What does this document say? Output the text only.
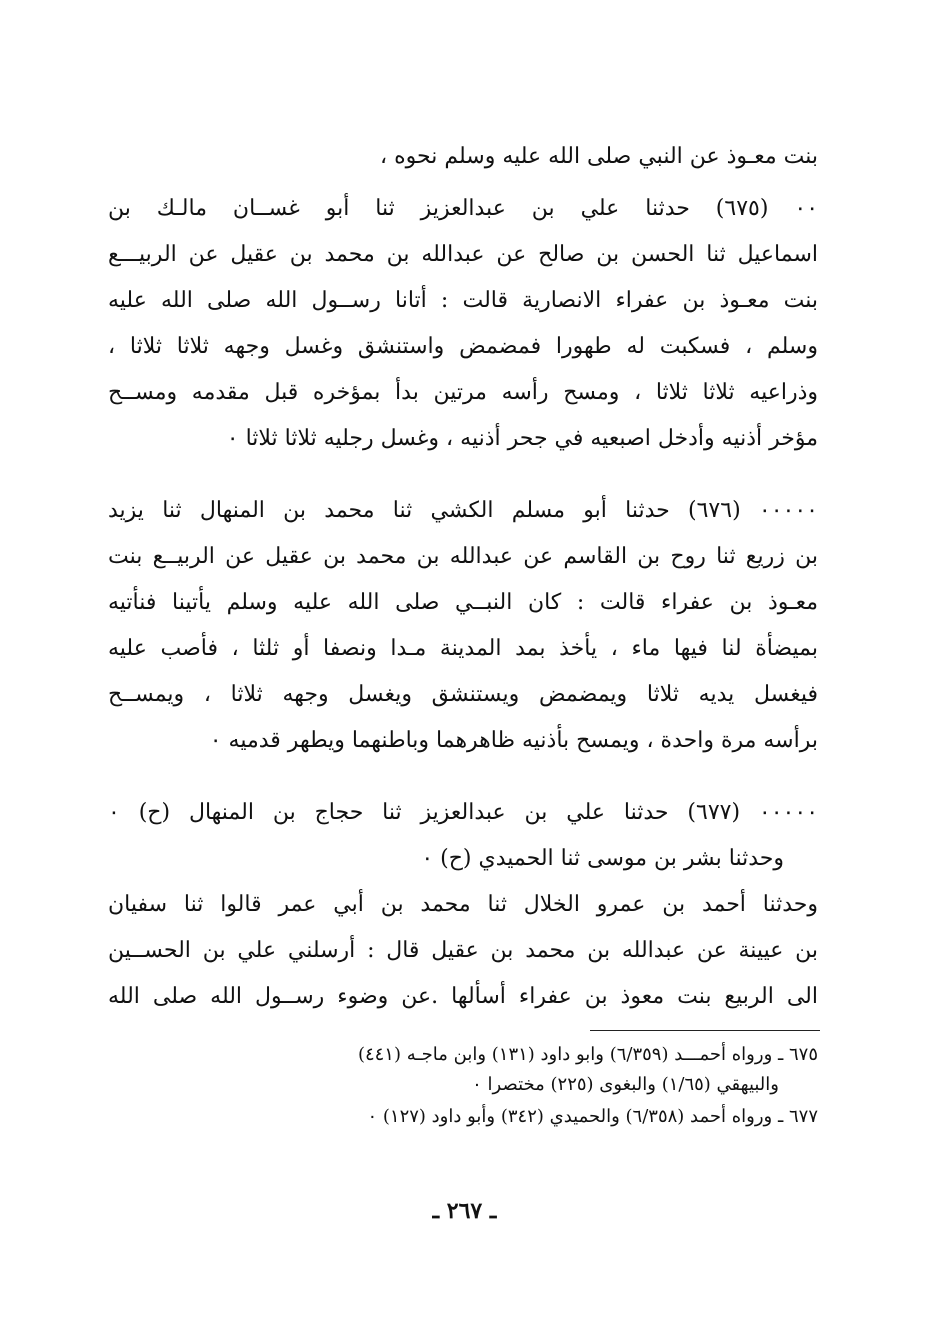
بنت معـوذ عن النبي صلى الله عليه وسلم نحوه ،
٠٠ (٦٧٥) حدثنا علي بن عبدالعزيز ثنا أبو غســان مالـك بن
اسماعيل ثنا الحسن بن صالح عن عبدالله بن محمد بن عقيل عن الربيـــع
بنت معـوذ بن عفراء الانصارية قالت : أتانا رســول الله صلى الله عليه
وسلم ، فسكبت له طهورا فمضمض واستنشق وغسل وجهه ثلاثا ثلاثا ،
وذراعيه ثلاثا ثلاثا ، ومسح رأسه مرتين بدأ بمؤخره قبل مقدمه ومســح
مؤخر أذنيه وأدخل اصبعيه في جحر أذنيه ، وغسل رجليه ثلاثا ثلاثا ٠
٠٠٠٠٠ (٦٧٦) حدثنا أبو مسلم الكشي ثنا محمد بن المنهال ثنا يزيد
بن زريع ثنا روح بن القاسم عن عبدالله بن محمد بن عقيل عن الربيــع بنت
معـوذ بن عفراء قالت : كان النبــي صلى الله عليه وسلم يأتينا فنأتيه
بميضأة لنا فيها ماء ، يأخذ بمد المدينة مـدا ونصفا أو ثلثا ، فأصب عليه
فيغسل يديه ثلاثا ويمضمض ويستنشق ويغسل وجهه ثلاثا ، ويمســح
برأسه مرة واحدة ، ويمسح بأذنيه ظاهرهما وباطنهما ويطهر قدميه ٠
٠٠٠٠٠ (٦٧٧) حدثنا علي بن عبدالعزيز ثنا حجاج بن المنهال (ح) ٠
وحدثنا بشر بن موسى ثنا الحميدي (ح) ٠
وحدثنا أحمد بن عمرو الخلال ثنا محمد بن أبي عمر قالوا ثنا سفيان
بن عيينة عن عبدالله بن محمد بن عقيل قال : أرسلني علي بن الحســين
الى الربيع بنت معوذ بن عفراء أسألها .عن وضوء رســول الله صلى الله
٦٧٥ ـ ورواه أحمـــد (٦/٣٥٩) وابو داود (١٣١) وابن ماجـه (٤٤١)
والبيهقي (١/٦٥) والبغوى (٢٢٥) مختصرا ٠
٦٧٧ ـ ورواه أحمد (٦/٣٥٨) والحميدي (٣٤٢) وأبو داود (١٢٧) ٠
ـ ٢٦٧ ـ
